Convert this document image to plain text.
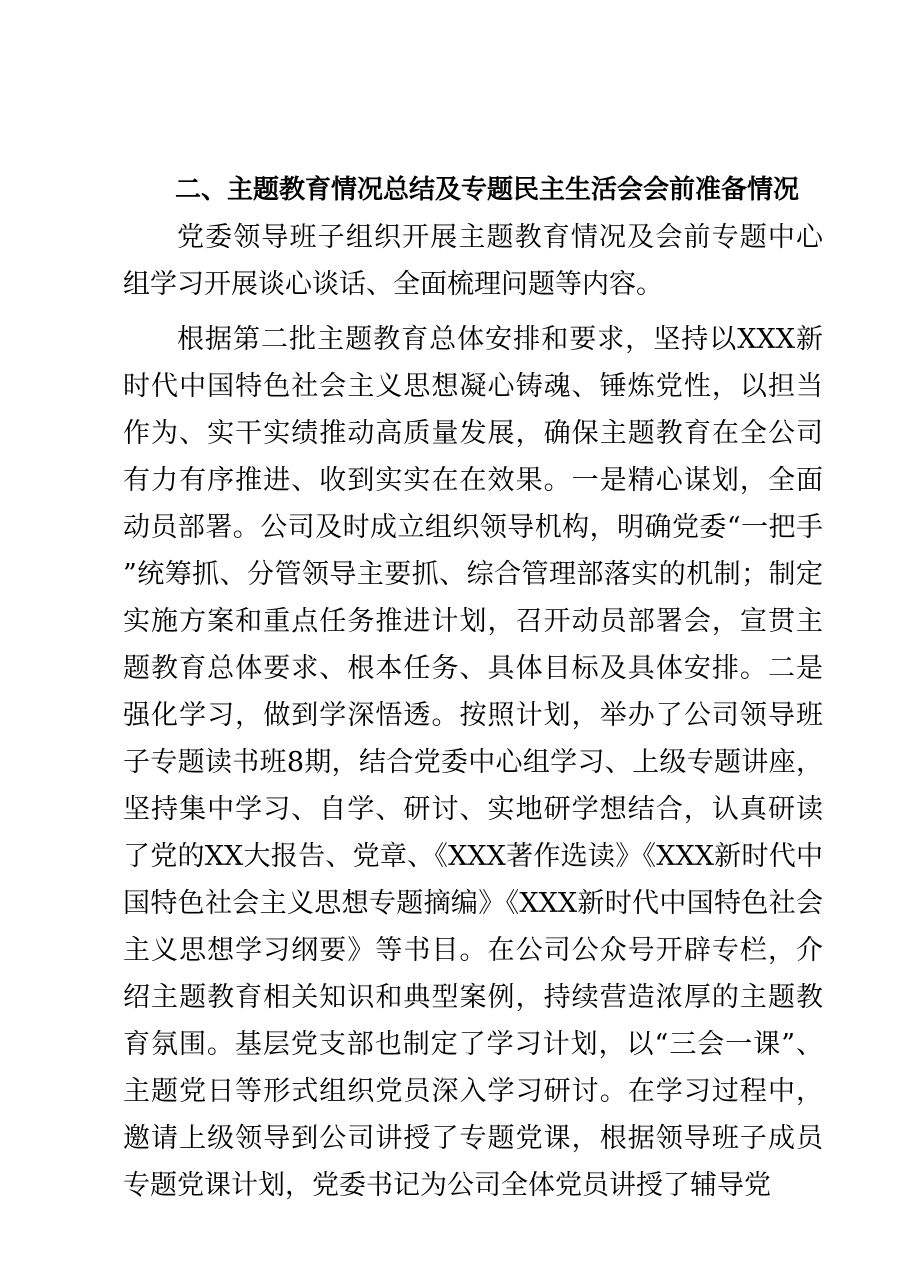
二、主题教育情况总结及专题民主生活会会前准备情况

党委领导班子组织开展主题教育情况及会前专题中心组学习开展谈心谈话、全面梳理问题等内容。

根据第二批主题教育总体安排和要求，坚持以XXX新时代中国特色社会主义思想凝心铸魂、锤炼党性，以担当作为、实干实绩推动高质量发展，确保主题教育在全公司有力有序推进、收到实实在在效果。一是精心谋划，全面动员部署。公司及时成立组织领导机构，明确党委“一把手”统筹抓、分管领导主要抓、综合管理部落实的机制；制定实施方案和重点任务推进计划，召开动员部署会，宣贯主题教育总体要求、根本任务、具体目标及具体安排。二是强化学习，做到学深悟透。按照计划，举办了公司领导班子专题读书班8期，结合党委中心组学习、上级专题讲座，坚持集中学习、自学、研讨、实地研学想结合，认真研读了党的XX大报告、党章、《XXX著作选读》《XXX新时代中国特色社会主义思想专题摘编》《XXX新时代中国特色社会主义思想学习纲要》等书目。在公司公众号开辟专栏，介绍主题教育相关知识和典型案例，持续营造浓厚的主题教育氛围。基层党支部也制定了学习计划，以“三会一课”、主题党日等形式组织党员深入学习研讨。在学习过程中，邀请上级领导到公司讲授了专题党课，根据领导班子成员专题党课计划，党委书记为公司全体党员讲授了辅导党
